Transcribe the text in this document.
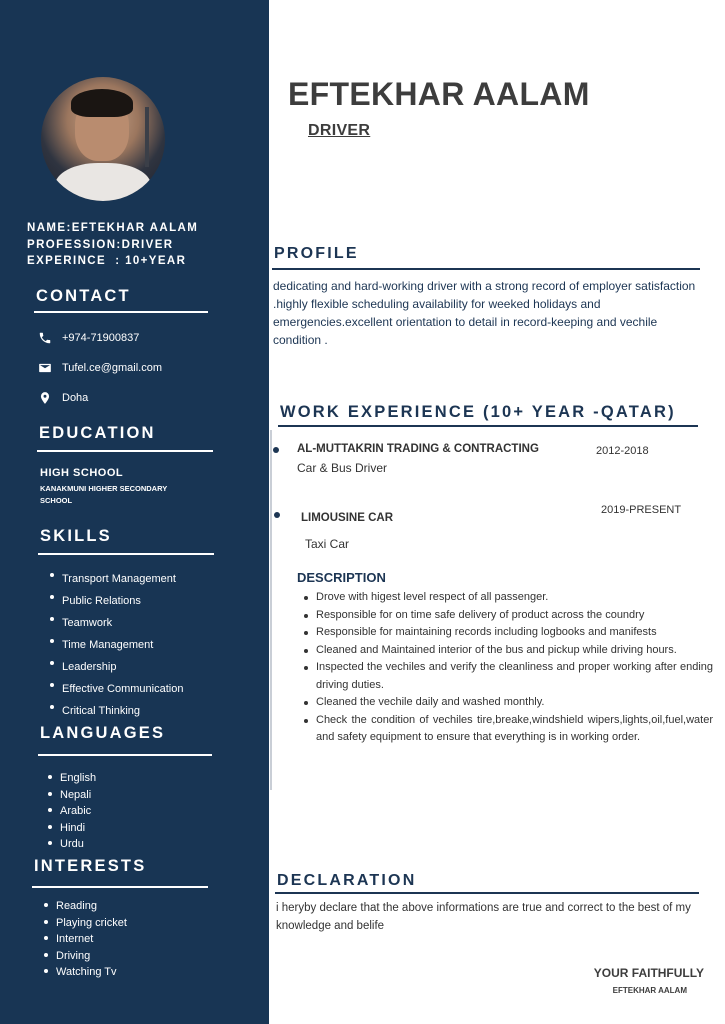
NAME:EFTEKHAR AALAM
PROFESSION:DRIVER
EXPERINCE  : 10+YEAR
CONTACT
+974-71900837
Tufel.ce@gmail.com
Doha
EDUCATION
HIGH SCHOOL
KANAKMUNI HIGHER SECONDARY SCHOOL
SKILLS
Transport Management
Public Relations
Teamwork
Time Management
Leadership
Effective Communication
Critical Thinking
LANGUAGES
English
Nepali
Arabic
Hindi
Urdu
INTERESTS
Reading
Playing cricket
Internet
Driving
Watching Tv
EFTEKHAR AALAM
DRIVER
PROFILE

dedicating and hard-working driver with a strong record of employer satisfaction .highly flexible scheduling availability for weeked holidays and emergencies.excellent orientation to detail in record-keeping and vechile condition .

WORK EXPERIENCE (10+ YEAR -QATAR)
AL-MUTTAKRIN TRADING & CONTRACTING
Car & Bus Driver
2012-2018
LIMOUSINE CAR
Taxi Car
2019-PRESENT
DESCRIPTION
Drove with higest level respect of all passenger.
Responsible for on time safe delivery of product across the coundry
Responsible for maintaining records including logbooks and manifests
Cleaned and Maintained interior of the bus and pickup while driving hours.
Inspected the vechiles and verify the cleanliness and proper working after ending driving duties.
Cleaned the vechile daily and washed monthly.
Check the condition of vechiles tire,breake,windshield wipers,lights,oil,fuel,water and safety equipment to ensure that everything is in working order.
DECLARATION

i heryby declare that the above informations are true and correct to the best of my knowledge and belife

YOUR FAITHFULLY
EFTEKHAR AALAM
